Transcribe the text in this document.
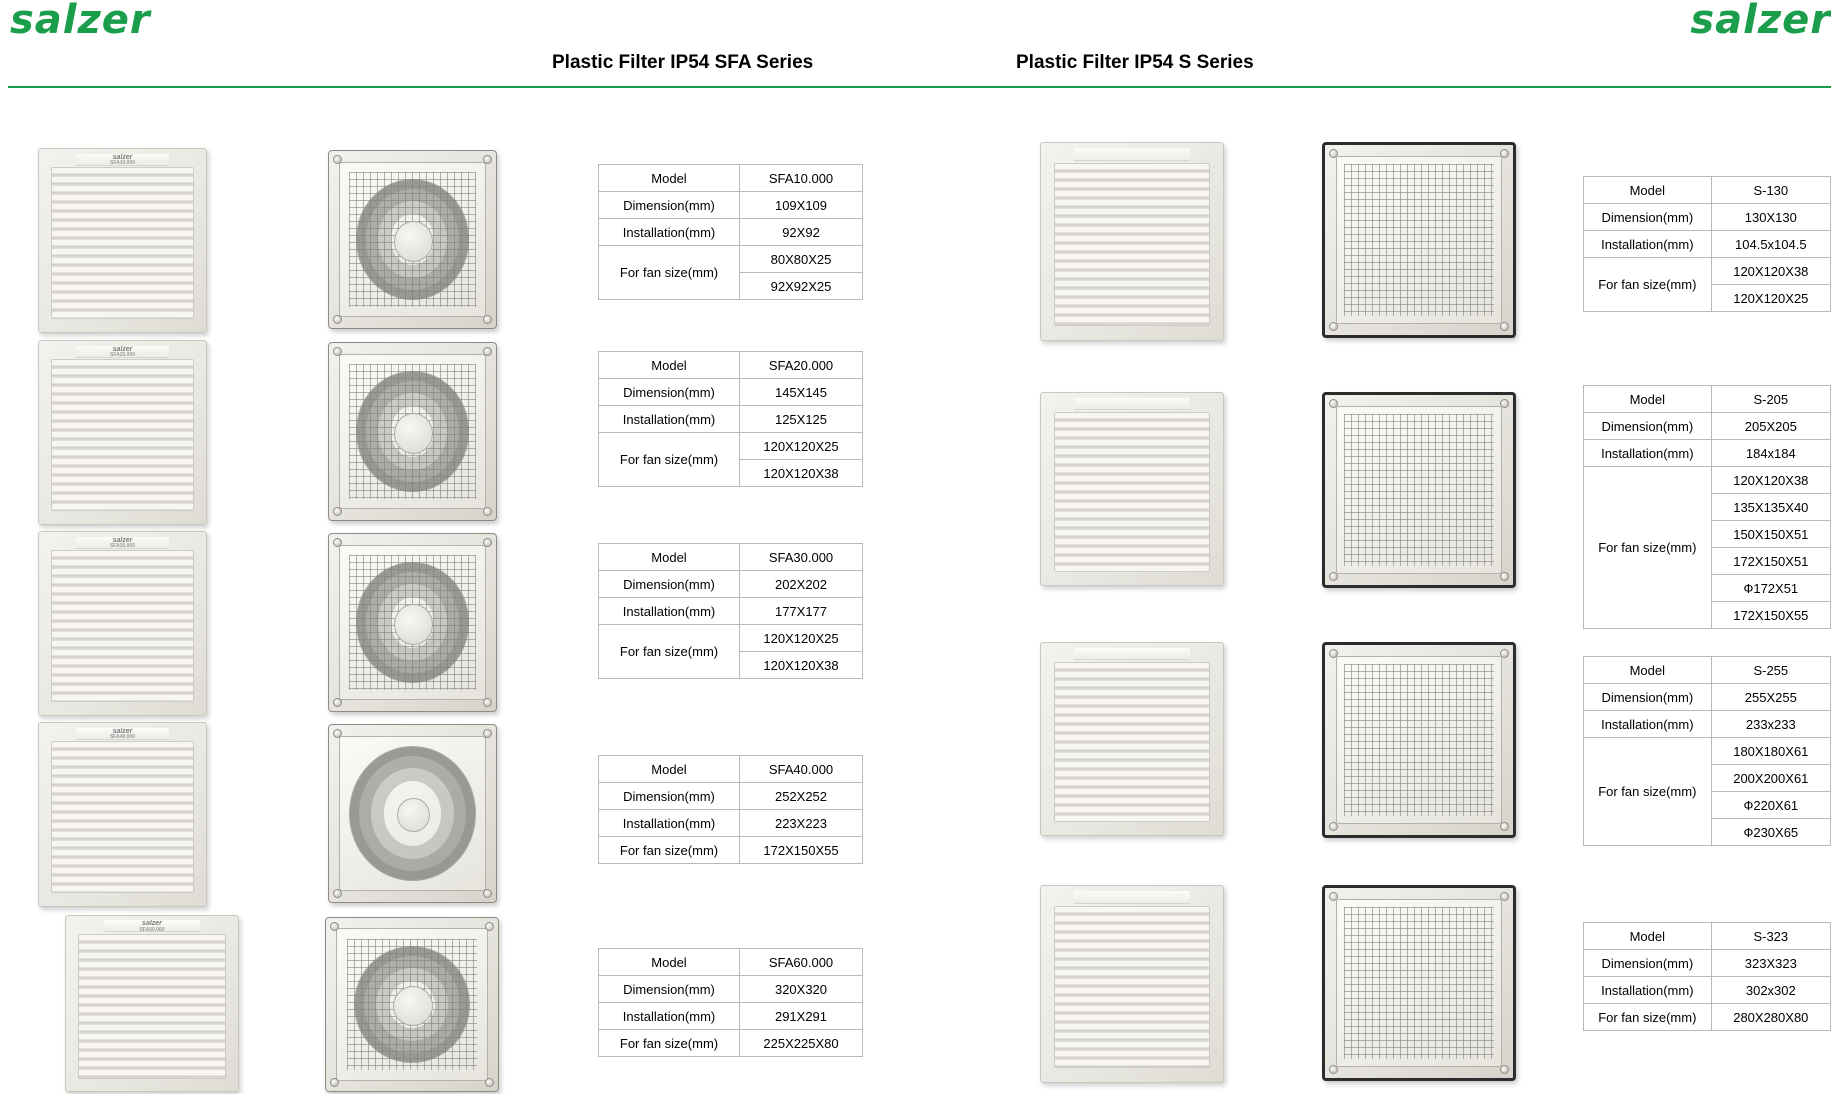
salzer	salzer
Plastic Filter IP54 SFA Series	Plastic Filter IP54 S Series
salzer
SFA10.000
Model	SFA10.000
Dimension(mm)	109X109
Installation(mm)	92X92
For fan size(mm)	80X80X25
	92X92X25
salzer
SFA20.000
Model	SFA20.000
Dimension(mm)	145X145
Installation(mm)	125X125
For fan size(mm)	120X120X25
	120X120X38
salzer
SFA30.000
Model	SFA30.000
Dimension(mm)	202X202
Installation(mm)	177X177
For fan size(mm)	120X120X25
	120X120X38
salzer
SFA40.000
Model	SFA40.000
Dimension(mm)	252X252
Installation(mm)	223X223
For fan size(mm)	172X150X55
salzer
SFA60.000
Model	SFA60.000
Dimension(mm)	320X320
Installation(mm)	291X291
For fan size(mm)	225X225X80
Model	S-130
Dimension(mm)	130X130
Installation(mm)	104.5x104.5
For fan size(mm)	120X120X38
	120X120X25
Model	S-205
Dimension(mm)	205X205
Installation(mm)	184x184
For fan size(mm)	120X120X38
	135X135X40
	150X150X51
	172X150X51
	Ф172X51
	172X150X55
Model	S-255
Dimension(mm)	255X255
Installation(mm)	233x233
For fan size(mm)	180X180X61
	200X200X61
	Ф220X61
	Ф230X65
Model	S-323
Dimension(mm)	323X323
Installation(mm)	302x302
For fan size(mm)	280X280X80
